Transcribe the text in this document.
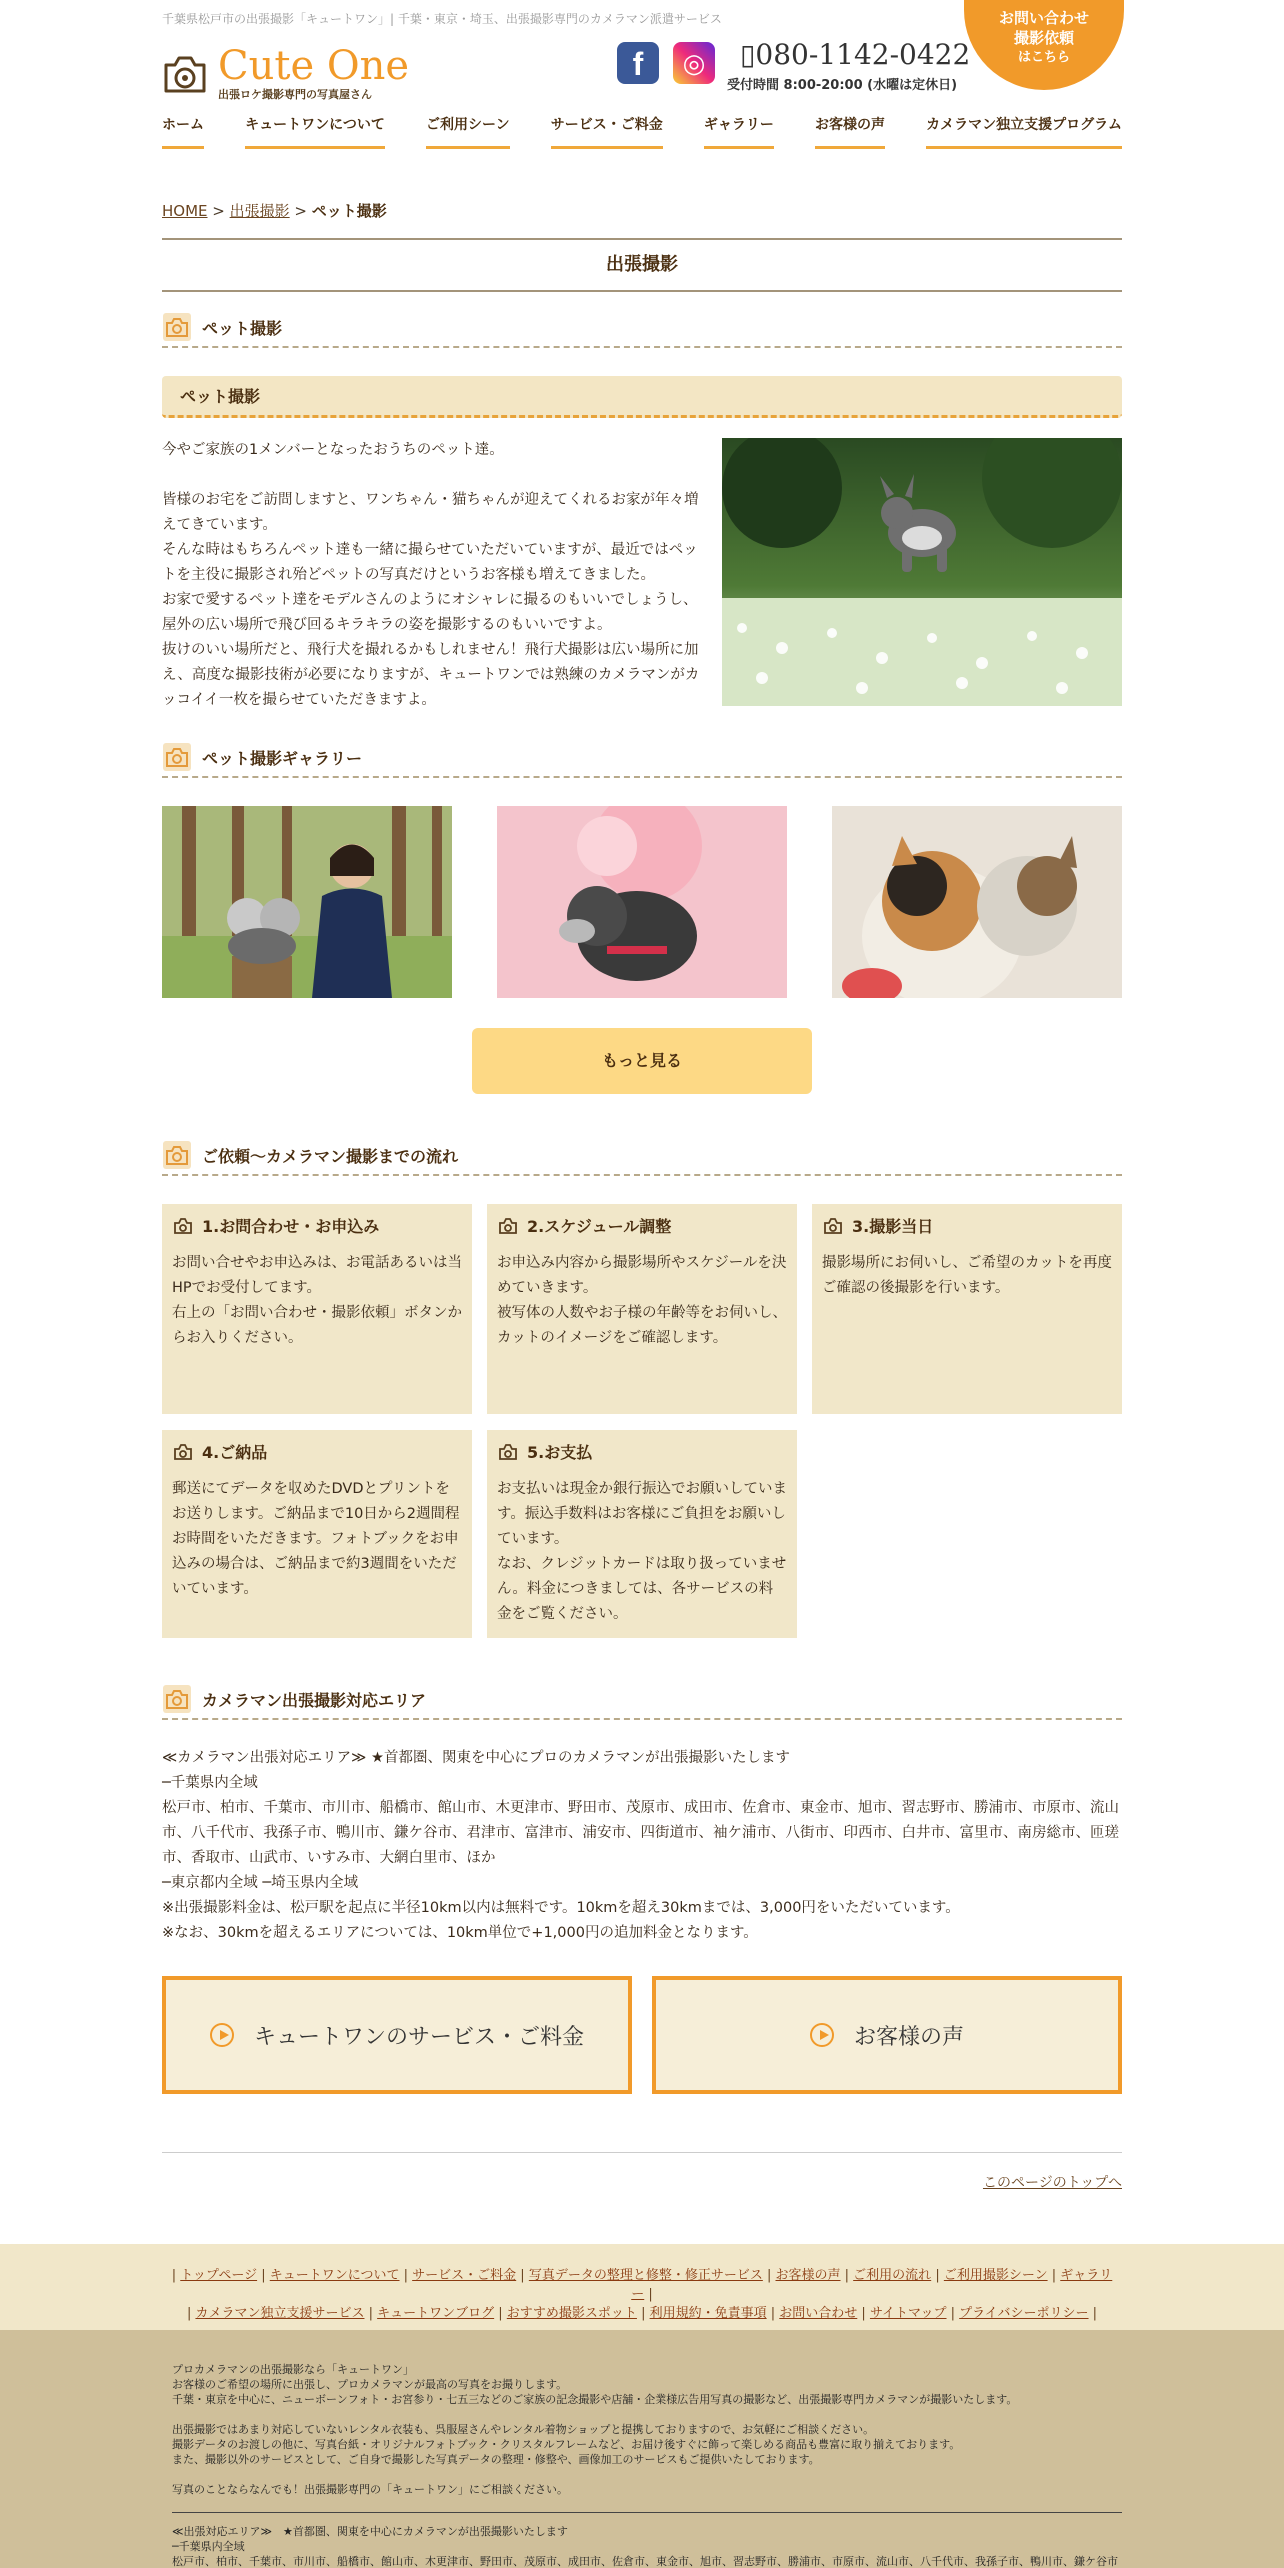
千葉県松戸市の出張撮影「キュートワン」| 千葉・東京・埼玉、出張撮影専門のカメラマン派遣サービス
Cute One
出張ロケ撮影専門の写真屋さん
f	◎	▯080-1142-0422
受付時間 8:00-20:00 (水曜は定休日)
お問い合わせ
撮影依頼
はこちら
ホーム	キュートワンについて	ご利用シーン	サービス・ご料金	ギャラリー	お客様の声	カメラマン独立支援プログラム
HOME > 出張撮影 > ペット撮影
出張撮影
ペット撮影
ペット撮影

今やご家族の1メンバーとなったおうちのペット達。

皆様のお宅をご訪問しますと、ワンちゃん・猫ちゃんが迎えてくれるお家が年々増えてきています。
そんな時はもちろんペット達も一緒に撮らせていただいていますが、最近ではペットを主役に撮影され殆どペットの写真だけというお客様も増えてきました。
お家で愛するペット達をモデルさんのようにオシャレに撮るのもいいでしょうし、屋外の広い場所で飛び回るキラキラの姿を撮影するのもいいですよ。
抜けのいい場所だと、飛行犬を撮れるかもしれません！飛行犬撮影は広い場所に加え、高度な撮影技術が必要になりますが、キュートワンでは熟練のカメラマンがカッコイイ一枚を撮らせていただきますよ。

ペット撮影ギャラリー
もっと見る
ご依頼～カメラマン撮影までの流れ
1.お問合わせ・お申込み

お問い合せやお申込みは、お電話あるいは当HPでお受付してます。
右上の「お問い合わせ・撮影依頼」ボタンからお入りください。

2.スケジュール調整

お申込み内容から撮影場所やスケジールを決めていきます。
被写体の人数やお子様の年齢等をお伺いし、カットのイメージをご確認します。

3.撮影当日

撮影場所にお伺いし、ご希望のカットを再度ご確認の後撮影を行います。

4.ご納品

郵送にてデータを収めたDVDとプリントをお送りします。ご納品まで10日から2週間程お時間をいただきます。フォトブックをお申込みの場合は、ご納品まで約3週間をいただいています。

5.お支払

お支払いは現金か銀行振込でお願いしています。振込手数料はお客様にご負担をお願いしています。
なお、クレジットカードは取り扱っていません。料金につきましては、各サービスの料金をご覧ください。

カメラマン出張撮影対応エリア
≪カメラマン出張対応エリア≫ ★首都圏、関東を中心にプロのカメラマンが出張撮影いたします
─千葉県内全域
松戸市、柏市、千葉市、市川市、船橋市、館山市、木更津市、野田市、茂原市、成田市、佐倉市、東金市、旭市、習志野市、勝浦市、市原市、流山市、八千代市、我孫子市、鴨川市、鎌ケ谷市、君津市、富津市、浦安市、四街道市、袖ケ浦市、八街市、印西市、白井市、富里市、南房総市、匝瑳市、香取市、山武市、いすみ市、大網白里市、ほか
─東京都内全域 ─埼玉県内全域
※出張撮影料金は、松戸駅を起点に半径10km以内は無料です。10kmを超え30kmまでは、3,000円をいただいています。
※なお、30kmを超えるエリアについては、10km単位で+1,000円の追加料金となります。
キュートワンのサービス・ご料金	お客様の声
このページのトップへ
| トップページ | キュートワンについて | サービス・ご料金 | 写真データの整理と修整・修正サービス | お客様の声 | ご利用の流れ | ご利用撮影シーン | ギャラリー |
| カメラマン独立支援サービス | キュートワンブログ | おすすめ撮影スポット | 利用規約・免責事項 | お問い合わせ | サイトマップ | プライバシーポリシー |
プロカメラマンの出張撮影なら「キュートワン」
お客様のご希望の場所に出張し、プロカメラマンが最高の写真をお撮りします。
千葉・東京を中心に、ニューボーンフォト・お宮参り・七五三などのご家族の記念撮影や店舗・企業様広告用写真の撮影など、出張撮影専門カメラマンが撮影いたします。

出張撮影ではあまり対応していないレンタル衣装も、呉服屋さんやレンタル着物ショップと提携しておりますので、お気軽にご相談ください。
撮影データのお渡しの他に、写真台紙・オリジナルフォトブック・クリスタルフレームなど、お届け後すぐに飾って楽しめる商品も豊富に取り揃えております。
また、撮影以外のサービスとして、ご自身で撮影した写真データの整理・修整や、画像加工のサービスもご提供いたしております。

写真のことならなんでも！出張撮影専門の「キュートワン」にご相談ください。
≪出張対応エリア≫　★首都圏、関東を中心にカメラマンが出張撮影いたします
─千葉県内全域
松戸市、柏市、千葉市、市川市、船橋市、館山市、木更津市、野田市、茂原市、成田市、佐倉市、東金市、旭市、習志野市、勝浦市、市原市、流山市、八千代市、我孫子市、鴨川市、鎌ケ谷市
